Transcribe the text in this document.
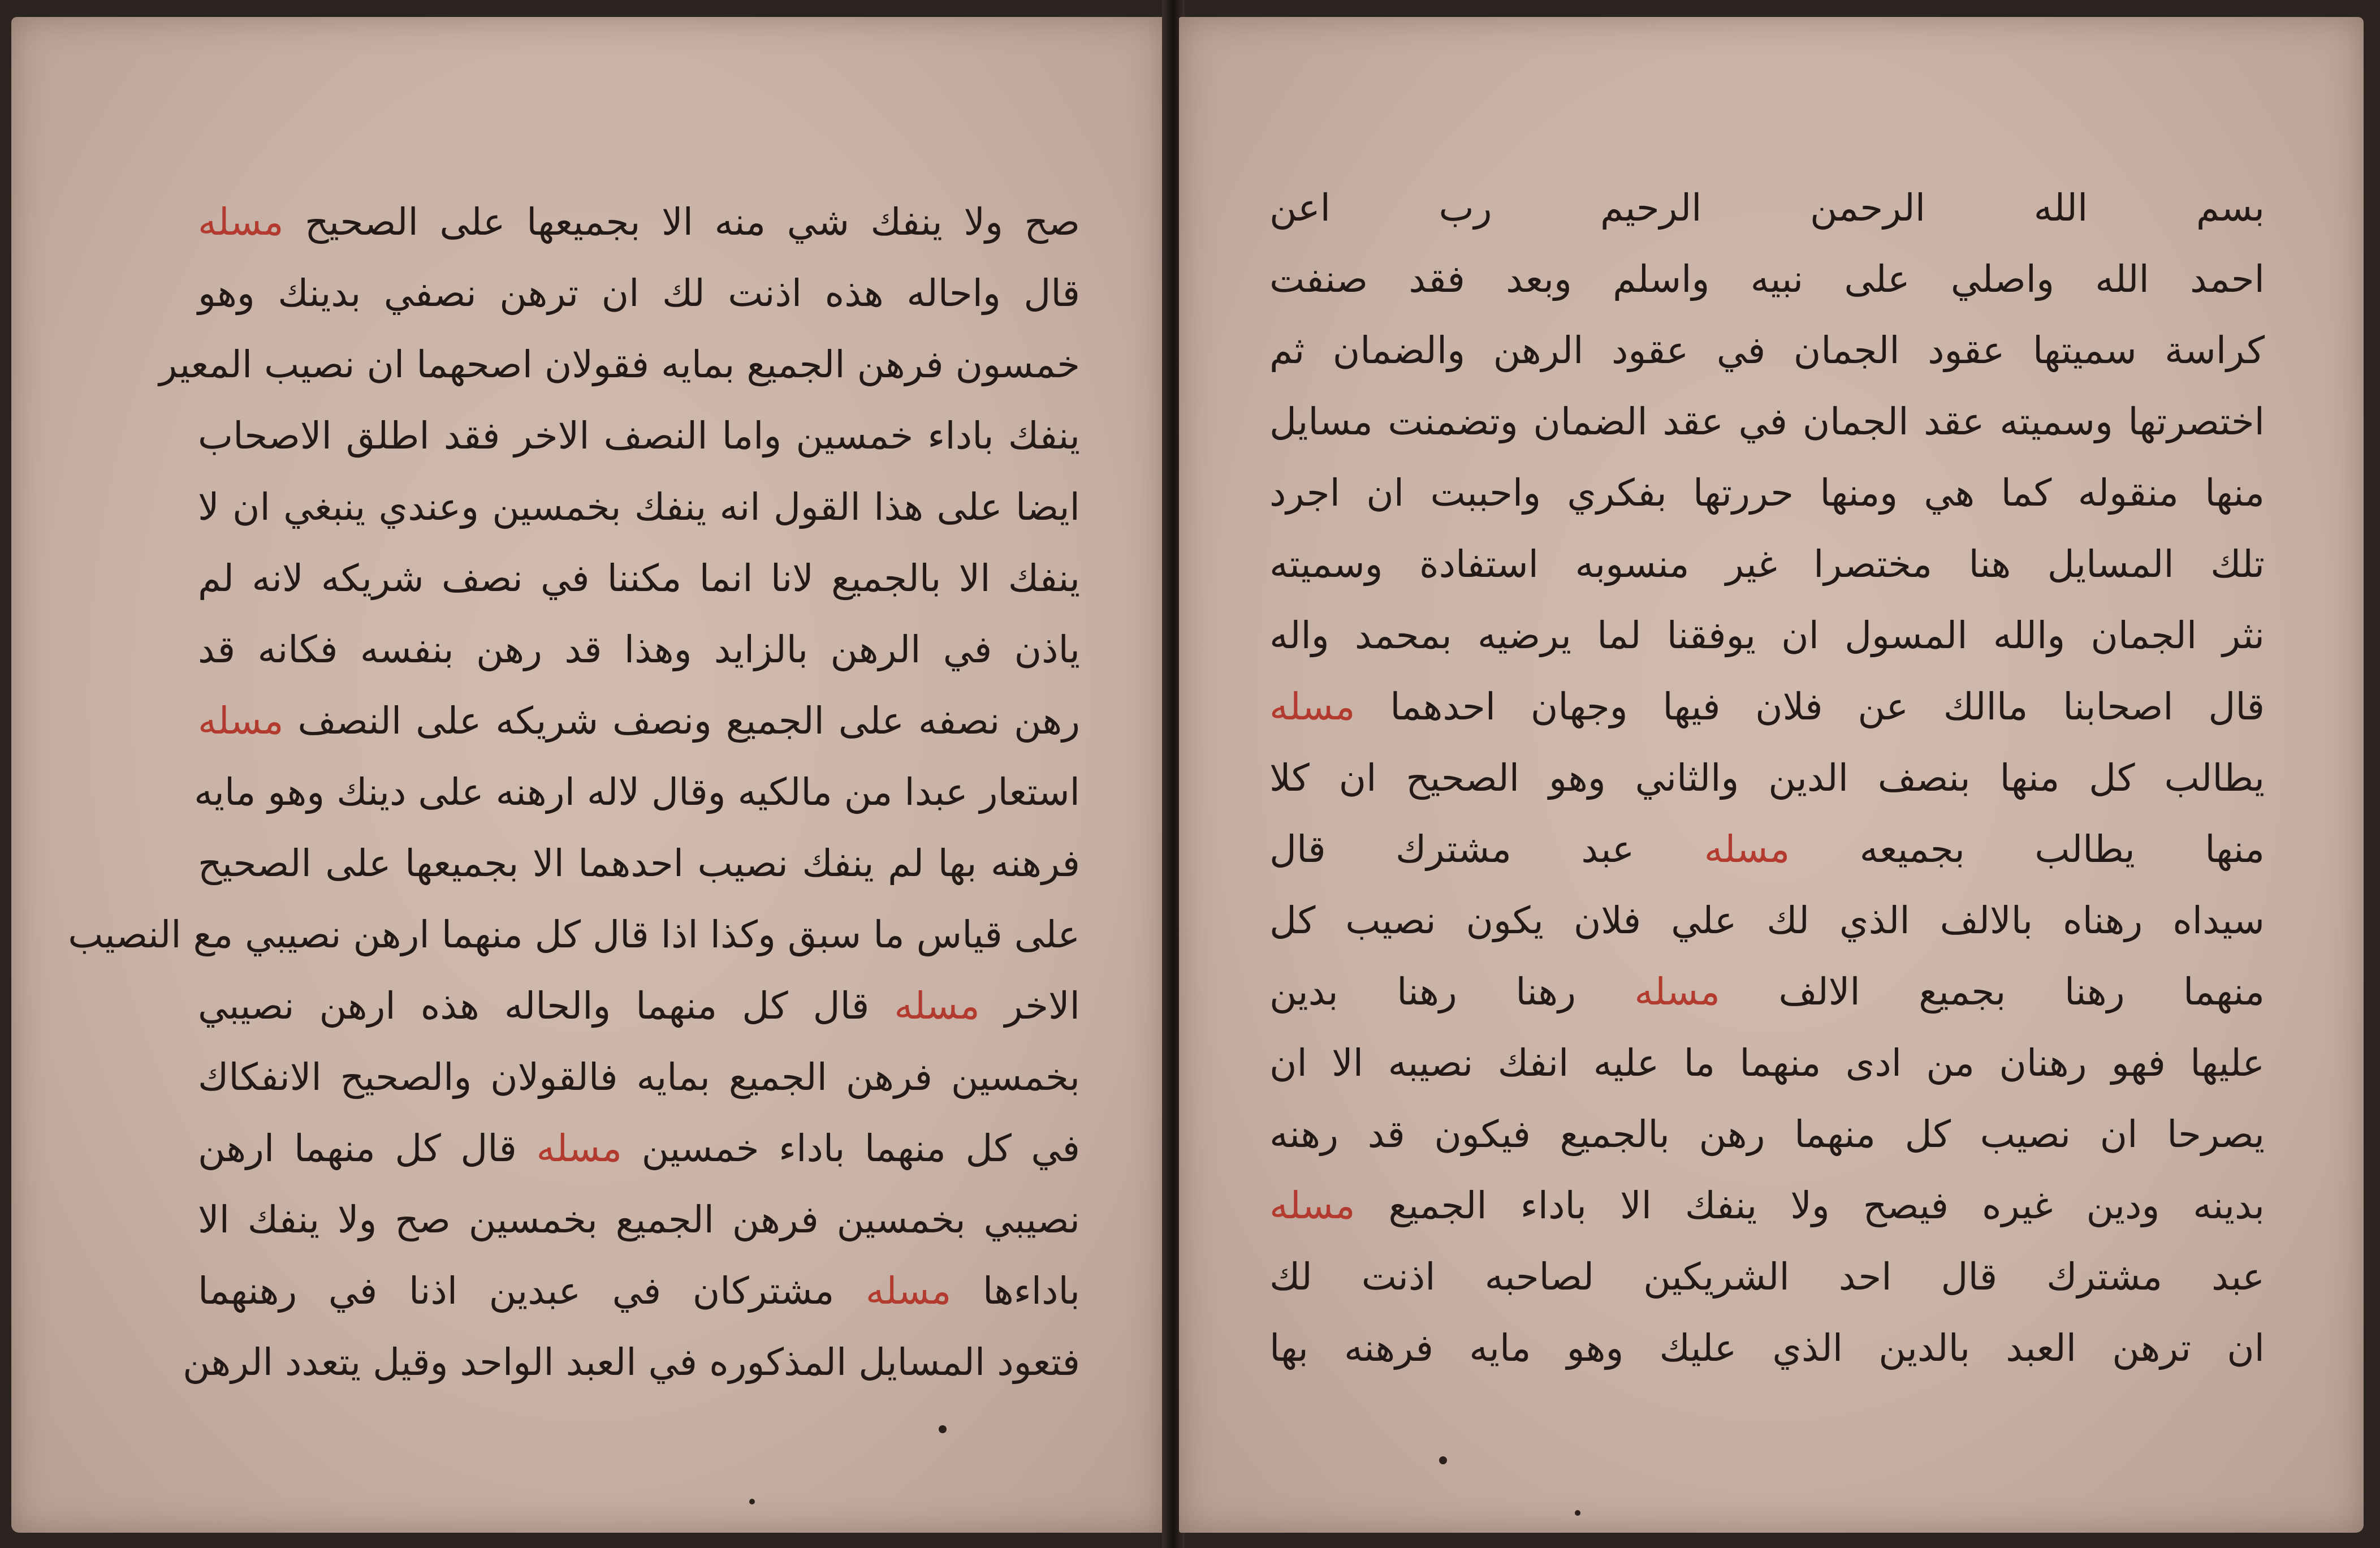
صح ولا ينفك شي منه الا بجميعها على الصحيح مسله
قال واحاله هذه اذنت لك ان ترهن نصفي بدينك وهو
خمسون فرهن الجميع بمايه فقولان اصحهما ان نصيب المعير
ينفك باداء خمسين واما النصف الاخر فقد اطلق الاصحاب
ايضا على هذا القول انه ينفك بخمسين وعندي ينبغي ان لا
ينفك الا بالجميع لانا انما مكننا في نصف شريكه لانه لم
ياذن في الرهن بالزايد وهذا قد رهن بنفسه فكانه قد
رهن نصفه على الجميع ونصف شريكه على النصف مسله
استعار عبدا من مالكيه وقال لاله ارهنه على دينك وهو مايه
فرهنه بها لم ينفك نصيب احدهما الا بجميعها على الصحيح
على قياس ما سبق وكذا اذا قال كل منهما ارهن نصيبي مع النصيب
الاخر مسله قال كل منهما والحاله هذه ارهن نصيبي
بخمسين فرهن الجميع بمايه فالقولان والصحيح الانفكاك
في كل منهما باداء خمسين مسله قال كل منهما ارهن
نصيبي بخمسين فرهن الجميع بخمسين صح ولا ينفك الا
باداءها مسله مشتركان في عبدين اذنا في رهنهما
فتعود المسايل المذكوره في العبد الواحد وقيل يتعدد الرهن
بسم الله الرحمن الرحيم رب اعن
احمد الله واصلي على نبيه واسلم وبعد فقد صنفت
كراسة سميتها عقود الجمان في عقود الرهن والضمان ثم
اختصرتها وسميته عقد الجمان في عقد الضمان وتضمنت مسايل
منها منقوله كما هي ومنها حررتها بفكري واحببت ان اجرد
تلك المسايل هنا مختصرا غير منسوبه استفادة وسميته
نثر الجمان والله المسول ان يوفقنا لما يرضيه بمحمد واله
قال اصحابنا ماالك عن فلان فيها وجهان احدهما مسله
يطالب كل منها بنصف الدين والثاني وهو الصحيح ان كلا
منها يطالب بجميعه مسله عبد مشترك قال
سيداه رهناه بالالف الذي لك علي فلان يكون نصيب كل
منهما رهنا بجميع الالف مسله رهنا رهنا بدين
عليها فهو رهنان من ادى منهما ما عليه انفك نصيبه الا ان
يصرحا ان نصيب كل منهما رهن بالجميع فيكون قد رهنه
بدينه ودين غيره فيصح ولا ينفك الا باداء الجميع مسله
عبد مشترك قال احد الشريكين لصاحبه اذنت لك
ان ترهن العبد بالدين الذي عليك وهو مايه فرهنه بها
